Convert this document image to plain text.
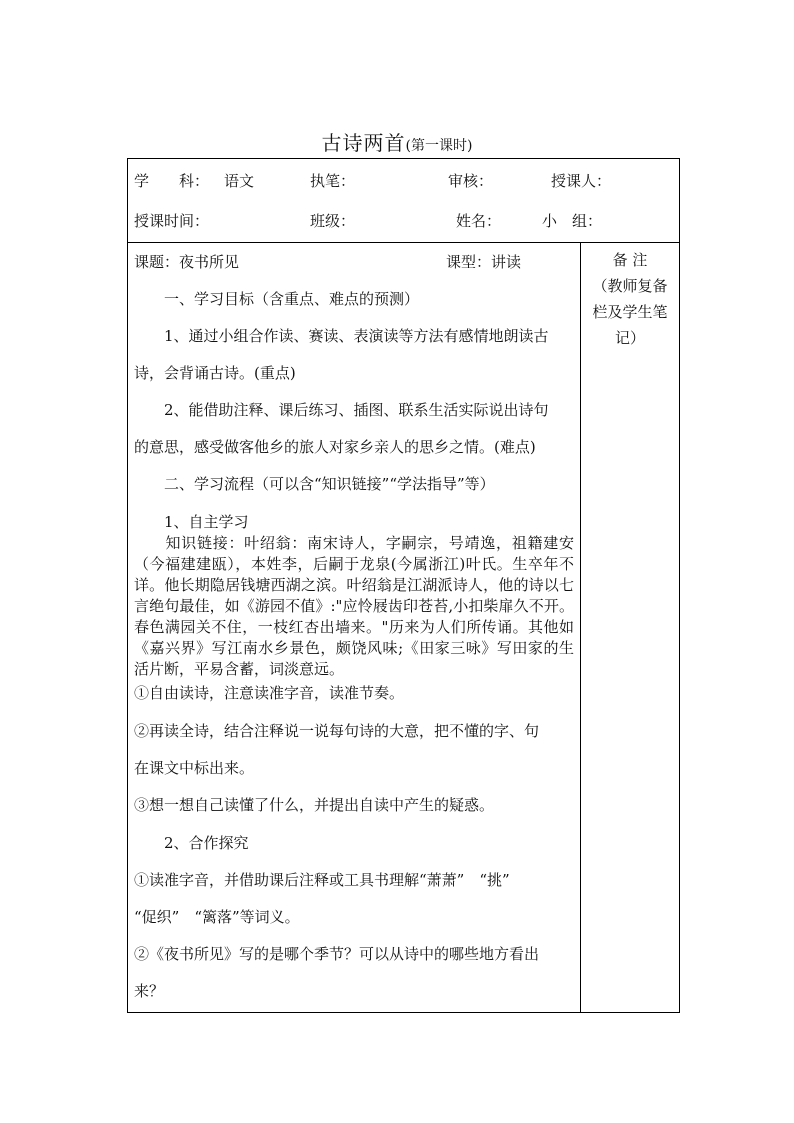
古诗两首(第一课时)
学　　科： 语文	执笔：	审核：	授课人：
授课时间：	班级：	姓名：	小　组：
课题：夜书所见	课型：讲读
一、学习目标（含重点、难点的预测）
1、通过小组合作读、赛读、表演读等方法有感情地朗读古
诗，会背诵古诗。(重点)
2、能借助注释、课后练习、插图、联系生活实际说出诗句
的意思，感受做客他乡的旅人对家乡亲人的思乡之情。(难点)
二、学习流程（可以含“知识链接”“学法指导”等）
1、自主学习

　　知识链接：叶绍翁：南宋诗人，字嗣宗，号靖逸，祖籍建安（今福建建瓯），本姓李，后嗣于龙泉(今属浙江)叶氏。生卒年不详。他长期隐居钱塘西湖之滨。叶绍翁是江湖派诗人，他的诗以七言绝句最佳，如《游园不值》:"应怜屐齿印苍苔,小扣柴扉久不开。春色满园关不住，一枝红杏出墙来。"历来为人们所传诵。其他如《嘉兴界》写江南水乡景色，颇饶风味;《田家三咏》写田家的生活片断，平易含蓄，词淡意远。

①自由读诗，注意读准字音，读准节奏。
②再读全诗，结合注释说一说每句诗的大意，把不懂的字、句
在课文中标出来。
③想一想自己读懂了什么，并提出自读中产生的疑惑。
2、合作探究
①读准字音，并借助课后注释或工具书理解“萧萧”　“挑”
“促织”　“篱落”等词义。
②《夜书所见》写的是哪个季节？可以从诗中的哪些地方看出
来？
备 注
（教师复备
栏及学生笔
记）
